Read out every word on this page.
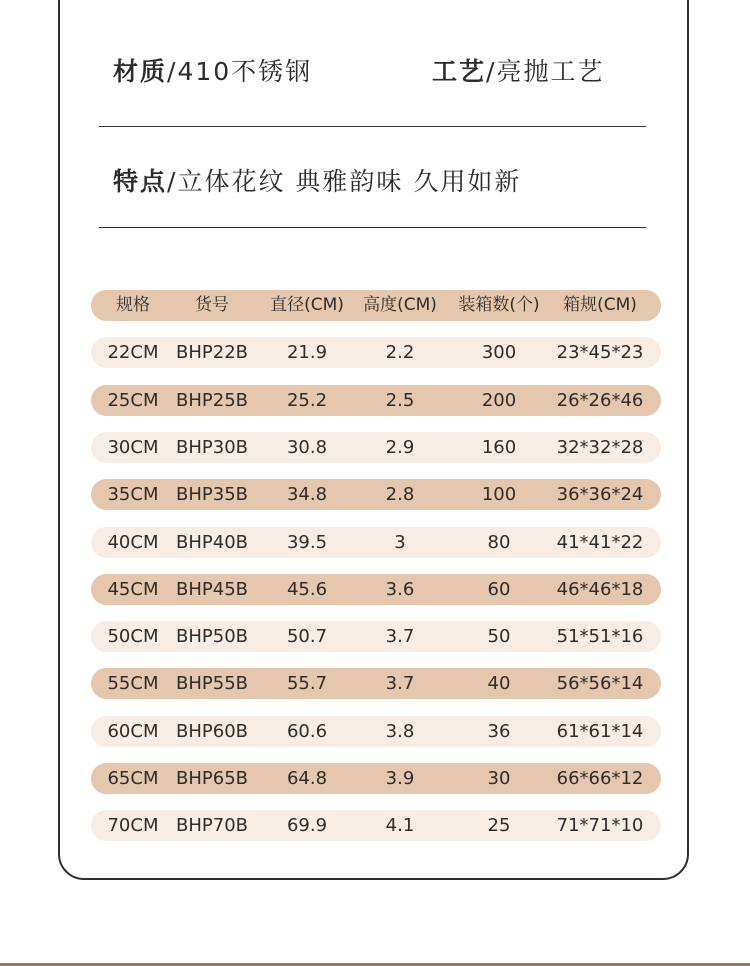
材质/410不锈钢	工艺/亮抛工艺
特点/立体花纹 典雅韵味 久用如新
规格	货号	直径(CM)	高度(CM)	装箱数(个)	箱规(CM)
22CM BHP22B	21.9	2.2	300	23*45*23
25CM BHP25B	25.2	2.5	200	26*26*46
30CM BHP30B	30.8	2.9	160	32*32*28
35CM BHP35B	34.8	2.8	100	36*36*24
40CM BHP40B	39.5	3	80	41*41*22
45CM BHP45B	45.6	3.6	60	46*46*18
50CM BHP50B	50.7	3.7	50	51*51*16
55CM BHP55B	55.7	3.7	40	56*56*14
60CM BHP60B	60.6	3.8	36	61*61*14
65CM BHP65B	64.8	3.9	30	66*66*12
70CM BHP70B	69.9	4.1	25	71*71*10
